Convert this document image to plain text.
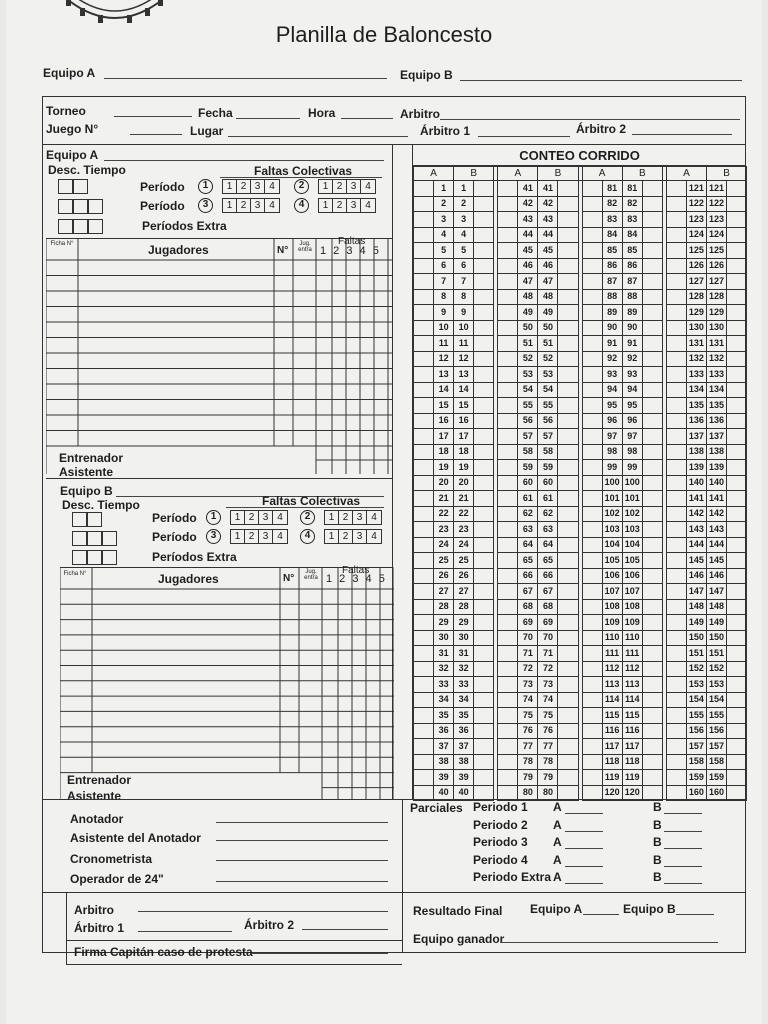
Planilla de Baloncesto
Equipo A	Equipo B
Torneo	Fecha	Hora	Arbitro
Juego N°	Lugar	Árbitro 1	Árbitro 2
Equipo A
Desc. Tiempo	Faltas Colectivas
Período	1	1 2 3 4	2	1 2 3 4
Período	3	1 2 3 4	4	1 2 3 4
Períodos Extra
Ficha N°	Jugadores	N°
Jug. entra
Faltas
1 2 3 4 5
Entrenador
Asistente
Equipo B
Desc. Tiempo	Faltas Colectivas
Período	1	1 2 3 4	2	1 2 3 4
Período	3	1 2 3 4	4	1 2 3 4
Períodos Extra
Ficha N°	Jugadores	N°
Jug. entra
Faltas
1 2 3 4 5
Entrenador
Asistente
CONTEO CORRIDO
A		B			A		B			A		B			A		B	
	1	1				41	41				81	81				121	121	
	2	2				42	42				82	82				122	122	
	3	3				43	43				83	83				123	123	
	4	4				44	44				84	84				124	124	
	5	5				45	45				85	85				125	125	
	6	6				46	46				86	86				126	126	
	7	7				47	47				87	87				127	127	
	8	8				48	48				88	88				128	128	
	9	9				49	49				89	89				129	129	
	10	10				50	50				90	90				130	130	
	11	11				51	51				91	91				131	131	
	12	12				52	52				92	92				132	132	
	13	13				53	53				93	93				133	133	
	14	14				54	54				94	94				134	134	
	15	15				55	55				95	95				135	135	
	16	16				56	56				96	96				136	136	
	17	17				57	57				97	97				137	137	
	18	18				58	58				98	98				138	138	
	19	19				59	59				99	99				139	139	
	20	20				60	60				100	100				140	140	
	21	21				61	61				101	101				141	141	
	22	22				62	62				102	102				142	142	
	23	23				63	63				103	103				143	143	
	24	24				64	64				104	104				144	144	
	25	25				65	65				105	105				145	145	
	26	26				66	66				106	106				146	146	
	27	27				67	67				107	107				147	147	
	28	28				68	68				108	108				148	148	
	29	29				69	69				109	109				149	149	
	30	30				70	70				110	110				150	150	
	31	31				71	71				111	111				151	151	
	32	32				72	72				112	112				152	152	
	33	33				73	73				113	113				153	153	
	34	34				74	74				114	114				154	154	
	35	35				75	75				115	115				155	155	
	36	36				76	76				116	116				156	156	
	37	37				77	77				117	117				157	157	
	38	38				78	78				118	118				158	158	
	39	39				79	79				119	119				159	159	
	40	40				80	80				120	120				160	160	
Anotador
Asistente del Anotador
Cronometrista
Operador de 24"
Arbitro
Árbitro 1	Árbitro 2
Firma Capitán caso de protesta
Parciales Periodo 1 A	B
Periodo 2 A	B
Periodo 3 A	B
Periodo 4 A	B
Periodo Extra A	B
Resultado Final Equipo A	Equipo B
Equipo ganador
